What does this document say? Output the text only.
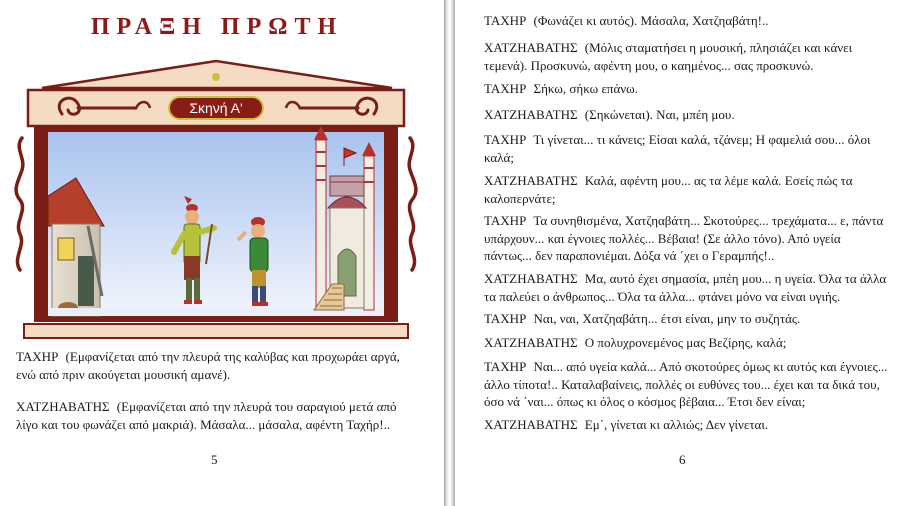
ΠΡΑΞΗ ΠΡΩΤΗ
Σκηνή Α'

ΤΑΧΗΡ (Εμφανίζεται από την πλευρά της καλύβας και προχωράει αργά, ενώ από πριν ακούγεται μουσική αμανέ).

ΧΑΤΖΗΑΒΑΤΗΣ (Εμφανίζεται από την πλευρά του σαραγιού μετά από λίγο και του φωνάζει από μακριά). Μάσαλα... μάσαλα, αφέντη Ταχήρ!..

5

ΤΑΧΗΡ (Φωνάζει κι αυτός). Μάσαλα, Χατζηαβάτη!..

ΧΑΤΖΗΑΒΑΤΗΣ (Μόλις σταματήσει η μουσική, πλησιάζει και κάνει τεμενά). Προσκυνώ, αφέντη μου, ο καημένος... σας προσκυνώ.

ΤΑΧΗΡ Σήκω, σήκω επάνω.

ΧΑΤΖΗΑΒΑΤΗΣ (Σηκώνεται). Ναι, μπέη μου.

ΤΑΧΗΡ Τι γίνεται... τι κάνεις; Είσαι καλά, τζάνεμ; Η φαμελιά σου... όλοι καλά;

ΧΑΤΖΗΑΒΑΤΗΣ Καλά, αφέντη μου... ας τα λέμε καλά. Εσείς πώς τα καλοπερνάτε;

ΤΑΧΗΡ Τα συνηθισμένα, Χατζηαβάτη... Σκοτούρες... τρεχάματα... ε, πάντα υπάρχουν... και έγνοιες πολλές... Βέβαια! (Σε άλλο τόνο). Από υγεία πάντως... δεν παραπονιέμαι. Δόξα νά ΄χει ο Γεραμπής!..

ΧΑΤΖΗΑΒΑΤΗΣ Μα, αυτό έχει σημασία, μπέη μου... η υγεία. Όλα τα άλλα τα παλεύει ο άνθρωπος... Όλα τα άλλα... φτάνει μόνο να είναι υγιής.

ΤΑΧΗΡ Ναι, ναι, Χατζηαβάτη... έτσι είναι, μην το συζητάς.

ΧΑΤΖΗΑΒΑΤΗΣ Ο πολυχρονεμένος μας Βεζίρης, καλά;

ΤΑΧΗΡ Ναι... από υγεία καλά... Από σκοτούρες όμως κι αυτός και έγνοιες... άλλο τίποτα!.. Καταλαβαίνεις, πολλές οι ευθύνες του... έχει και τα δικά του, όσο νά ΄ναι... όπως κι όλος ο κόσμος βέβαια... Έτσι δεν είναι;

ΧΑΤΖΗΑΒΑΤΗΣ Εμ΄, γίνεται κι αλλιώς; Δεν γίνεται.

6
